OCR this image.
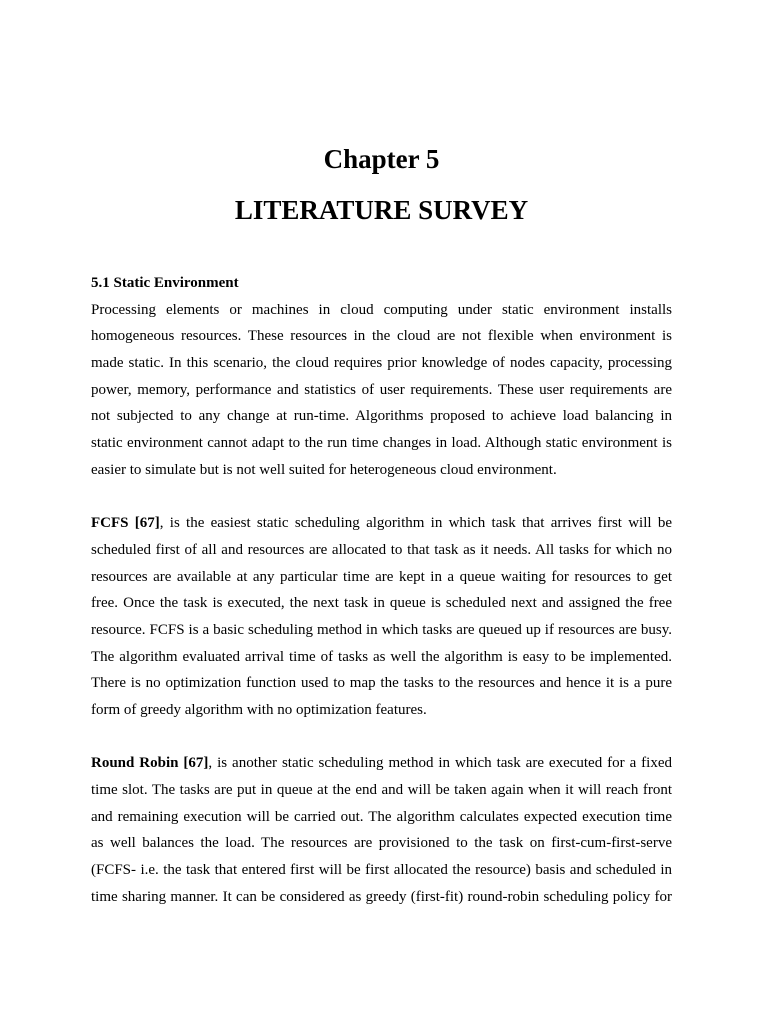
Chapter 5
LITERATURE SURVEY
5.1 Static Environment
Processing elements or machines in cloud computing under static environment installs
homogeneous resources. These resources in the cloud are not flexible when environment is
made static. In this scenario, the cloud requires prior knowledge of nodes capacity, processing
power, memory, performance and statistics of user requirements. These user requirements are
not subjected to any change at run-time. Algorithms proposed to achieve load balancing in
static environment cannot adapt to the run time changes in load. Although static environment is
easier to simulate but is not well suited for heterogeneous cloud environment.
FCFS [67], is the easiest static scheduling algorithm in which task that arrives first will be
scheduled first of all and resources are allocated to that task as it needs. All tasks for which no
resources are available at any particular time are kept in a queue waiting for resources to get
free. Once the task is executed, the next task in queue is scheduled next and assigned the free
resource. FCFS is a basic scheduling method in which tasks are queued up if resources are busy.
The algorithm evaluated arrival time of tasks as well the algorithm is easy to be implemented.
There is no optimization function used to map the tasks to the resources and hence it is a pure
form of greedy algorithm with no optimization features.
Round Robin [67], is another static scheduling method in which task are executed for a fixed
time slot. The tasks are put in queue at the end and will be taken again when it will reach front
and remaining execution will be carried out. The algorithm calculates expected execution time
as well balances the load. The resources are provisioned to the task on first-cum-first-serve
(FCFS- i.e. the task that entered first will be first allocated the resource) basis and scheduled in
time sharing manner. It can be considered as greedy (first-fit) round-robin scheduling policy for
